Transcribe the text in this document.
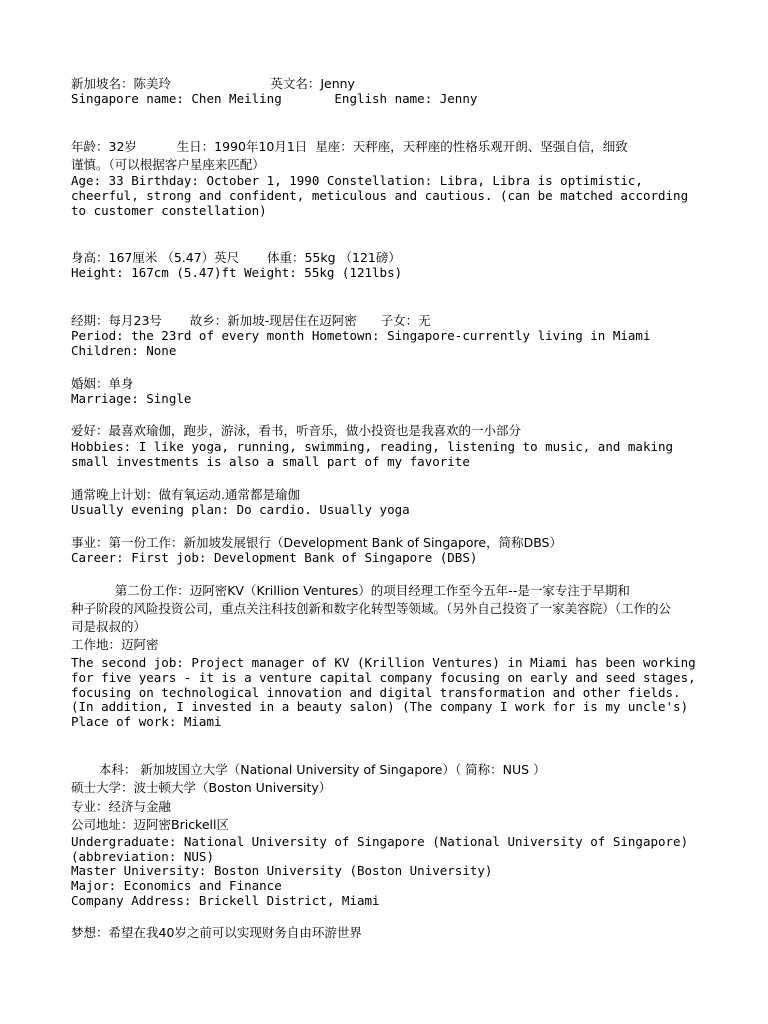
新加坡名：陈美玲                         英文名：Jenny
Singapore name: Chen Meiling       English name: Jenny
年龄：32岁          生日：1990年10月1日  星座：天秤座，天秤座的性格乐观开朗、坚强自信，细致
谨慎。（可以根据客户星座来匹配）
Age: 33 Birthday: October 1, 1990 Constellation: Libra, Libra is optimistic,
cheerful, strong and confident, meticulous and cautious. (can be matched according
to customer constellation)
身高：167厘米 （5.47）英尺       体重：55kg （121磅）
Height: 167cm (5.47)ft Weight: 55kg (121lbs)
经期：每月23号       故乡：新加坡-现居住在迈阿密      子女：无
Period: the 23rd of every month Hometown: Singapore-currently living in Miami
Children: None
婚姻：单身
Marriage: Single
爱好：最喜欢瑜伽，跑步，游泳，看书，听音乐，做小投资也是我喜欢的一小部分
Hobbies: I like yoga, running, swimming, reading, listening to music, and making
small investments is also a small part of my favorite
通常晚上计划：做有氧运动.通常都是瑜伽
Usually evening plan: Do cardio. Usually yoga
事业：第一份工作：新加坡发展银行（Development Bank of Singapore，简称DBS）
Career: First job: Development Bank of Singapore (DBS)
第二份工作：迈阿密KV（Krillion Ventures）的项目经理工作至今五年--是一家专注于早期和
种子阶段的风险投资公司，重点关注科技创新和数字化转型等领域。（另外自己投资了一家美容院）（工作的公
司是叔叔的）
工作地：迈阿密
The second job: Project manager of KV (Krillion Ventures) in Miami has been working
for five years - it is a venture capital company focusing on early and seed stages,
focusing on technological innovation and digital transformation and other fields.
(In addition, I invested in a beauty salon) (The company I work for is my uncle's)
Place of work: Miami
本科： 新加坡国立大学（National University of Singapore）（ 简称：NUS ）
硕士大学：波士顿大学（Boston University）
专业：经济与金融
公司地址：迈阿密Brickell区
Undergraduate: National University of Singapore (National University of Singapore)
(abbreviation: NUS)
Master University: Boston University (Boston University)
Major: Economics and Finance
Company Address: Brickell District, Miami
梦想：希望在我40岁之前可以实现财务自由环游世界
